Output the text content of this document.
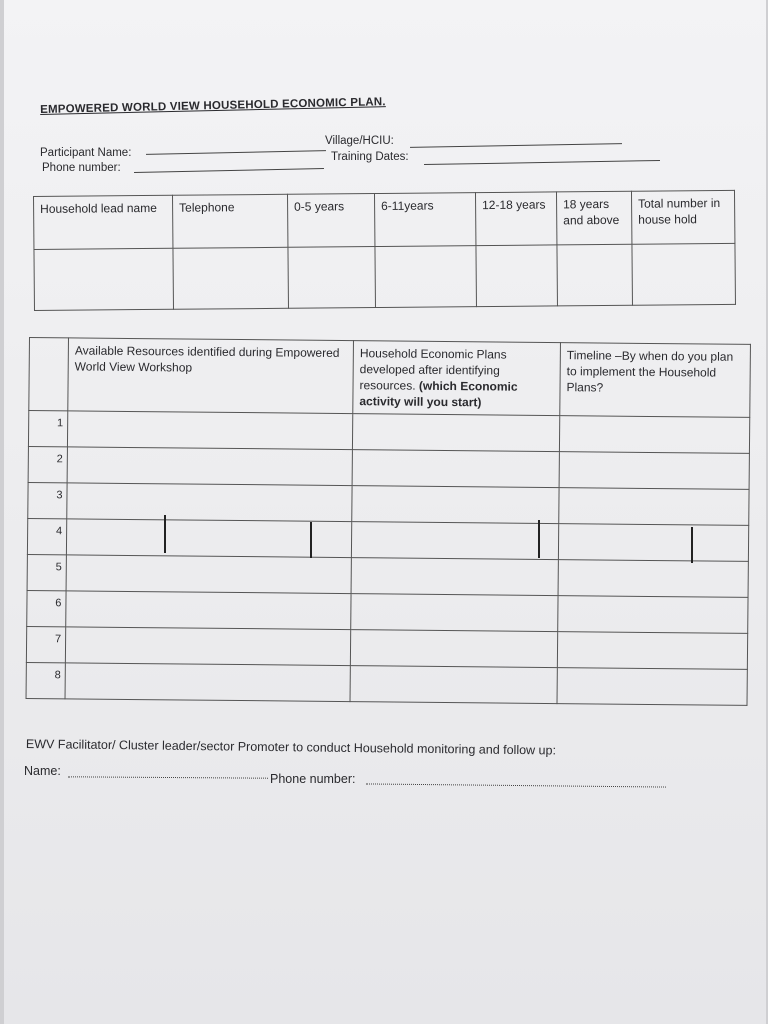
EMPOWERED WORLD VIEW HOUSEHOLD ECONOMIC PLAN.
Participant Name:
Phone number:
Village/HCIU:
Training Dates:
Household lead name	Telephone	0-5 years	6-11years	12-18 years	18 years and above	Total number in house hold

	Available Resources identified during Empowered World View Workshop	Household Economic Plans developed after identifying resources. (which Economic activity will you start)	Timeline –By when do you plan to implement the Household Plans?
1			
2			
3			
4			
5			
6			
7			
8			
EWV Facilitator/ Cluster leader/sector Promoter to conduct Household monitoring and follow up:
Name:
Phone number:
